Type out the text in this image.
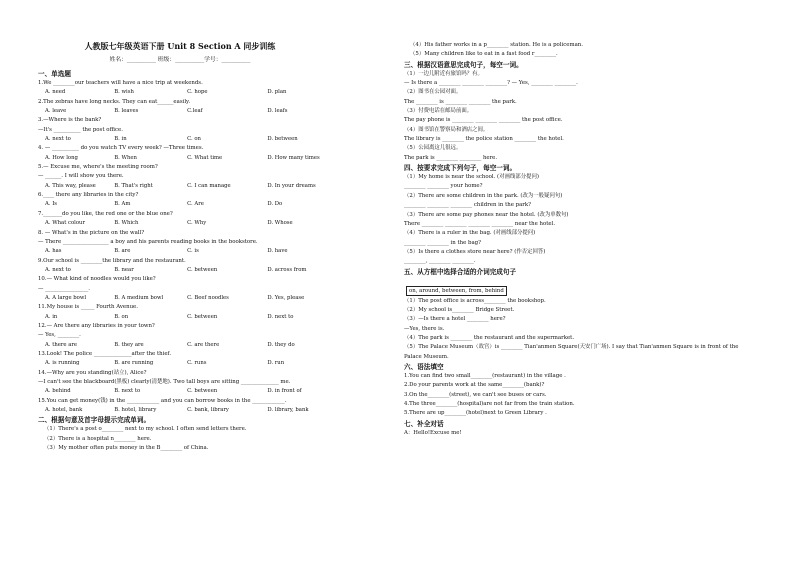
人教版七年级英语下册 Unit 8 Section A 同步训练
姓名：__________ 班级：__________学号：__________
一、单选题
1.We ________our teachers will have a nice trip at weekends.
A. need	B. wish	C. hope	D. plan
2.The zebras have long necks. They can eat______easily.
A. leave	B. leaves	C.leaf	D. leafs
3.—Where is the bank?
—It's __________ the post office.
A. next to	B. in	C. on	D. between
4. — __________ do you watch TV every week? —Three times.
A. How long	B. When	C. What time	D. How many times
5.— Excuse me, where's the meeting room?
— ______. I will show you there.
A. This way, please	B. That's right	C. I can manage	D. In your dreams
6.____ there any libraries in the city?
A. Is	B. Am	C. Are	D. Do
7._______do you like, the red one or the blue one?
A. What colour	B. Which	C. Why	D. Whose
8. — What's in the picture on the wall?
— There _________________ a boy and his parents reading books in the bookstore.
A. has	B. are	C. is	D. have
9.Our school is ________the library and the restaurant.
A. next to	B. near	C. between	D. across from
10.— What kind of noodles would you like?
— ________________.
A. A large bowl	B. A medium bowl	C. Beef noodles	D. Yes, please
11.My house is _____ Fourth Avenue.
A. in	B. on	C. between	D. next to
12.— Are there any libraries in your town?
— Yes, ________.
A. there are	B. they are	C. are there	D. they do
13.Look! The police ______________after the thief.
A. is running	B. are running	C. runs	D. run
14.—Why are you standing(站立), Alice?
—I can't see the blackboard(黑板) clearly(清楚地). Two tall boys are sitting ______________ me.
A. behind	B. next to	C. between	D. in front of
15.You can get money(钱) in the ____________ and you can borrow books in the ____________.
A. hotel, bank	B. hotel, library	C. bank, library	D. library, bank
二、根据句意及首字母提示完成单词。
（1）There's a post o________ next to my school. I often send letters there.
（2）There is a hospital n________ here.
（3）My mother often puts money in the B________ of China.
（4）His father works in a p________ station. He is a policeman.
（5）Many children like to eat in a fast food r________.
三、根据汉语意思完成句子，每空一词。
（1）一边儿附近有旅馆吗？有。
— Is there a ________ ________ ________? — Yes, ________ ________.
（2）图书在公园对面。
The ________ is ________ ________ the park.
（3）付费电话在邮局前面。
The pay phone is ________ ________ ________ the post office.
（4）图书馆在警察局和酒店之间。
The library is ________ the police station ________ the hotel.
（5）公园离这儿很远。
The park is ________ ________ here.
四、按要求完成下列句子，每空一词。
（1）My home is near the school. (对画线部分提问)
________ ________ your home?
（2）There are some children in the park. (改为一般疑问句)
________ ________ ________ children in the park?
（3）There are some pay phones near the hotel. (改为单数句)
There ________ ________ ________ ________ near the hotel.
（4）There is a ruler in the bag. (对画线部分提问)
________ ________ in the bag?
（5）Is there a clothes store near here? (作否定回答)
________, ________ ________.
五、从方框中选择合适的介词完成句子
on, around, between, from, behind
（1）The post office is across________ the bookshop.
（2）My school is________ Bridge Street.
（3）—Is there a hotel ________ here?
—Yes, there is.
（4）The park is ________ the restaurant and the supermarket.
（5）The Palace Museum（故宫）is ________ Tian'anmen Square(天安门广场). I say that Tian'anmen Square is in front of the Palace Museum.
六、语法填空
1.You can find two small________(restaurant) in the village .
2.Do your parents work at the same________(bank)?
3.On the________(street), we can't see buses or cars.
4.The three________(hospital)are not far from the train station.
5.There are up________(hotel)next to Green Library .
七、补全对话
A：Hello!Excuse me!
